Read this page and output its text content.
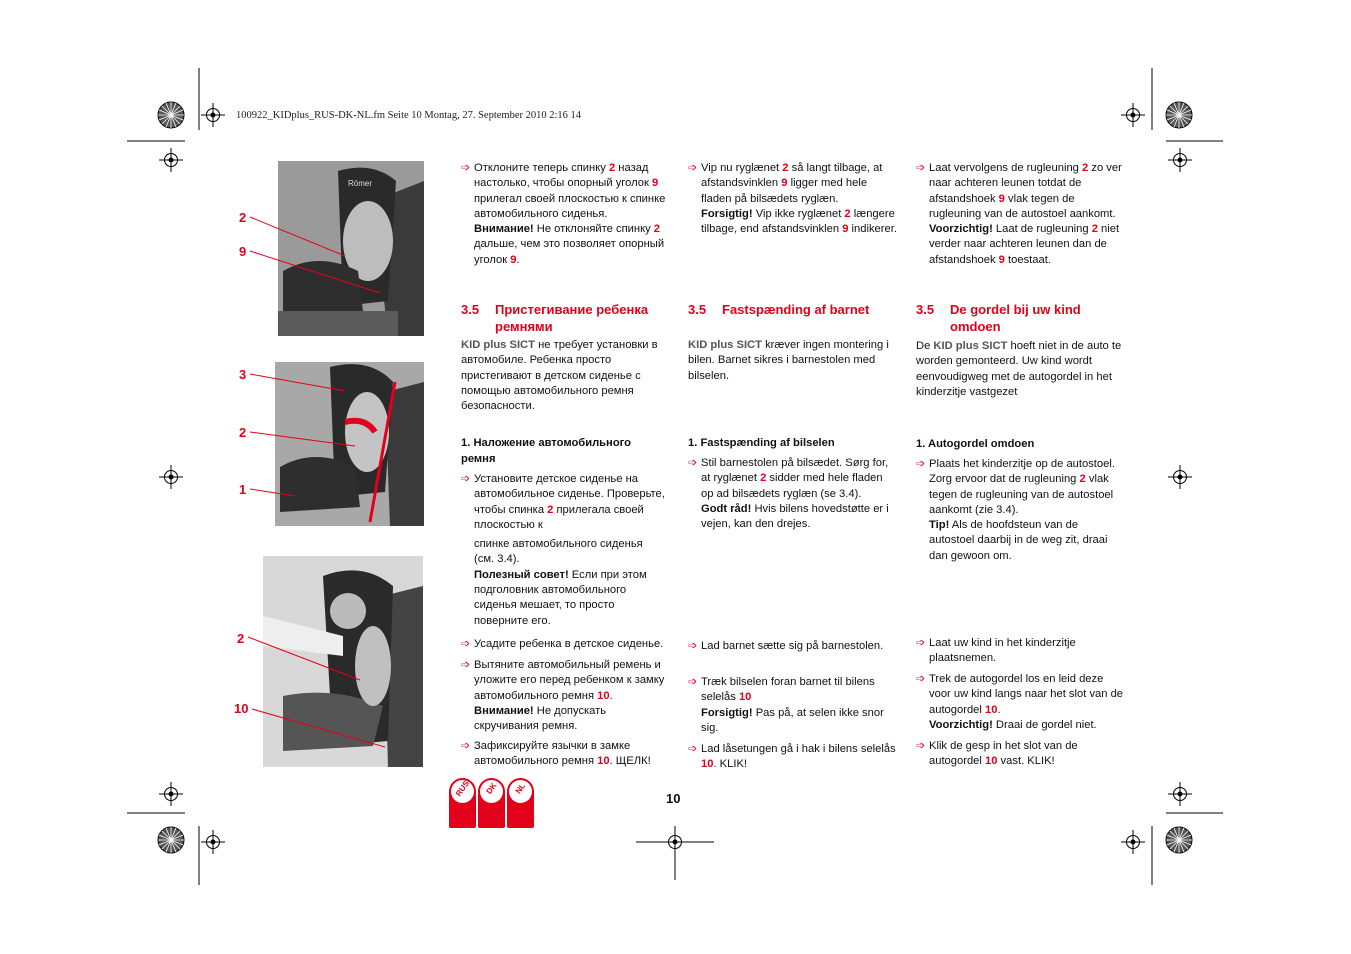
100922_KIDplus_RUS-DK-NL.fm Seite 10 Montag, 27. September 2010 2:16 14
Römer
2
9
3
2
1
2
10

➩ Отклоните теперь спинку 2 назад настолько, чтобы опорный уголок 9 прилегал своей плоскостью к спинке автомобильного сиденья.
Внимание! Не отклоняйте спинку 2 дальше, чем это позволяет опорный уголок 9.

3.5	Пристегивание ребенка ремнями

KID plus SICT не требует установки в автомобиле. Ребенка просто пристегивают в детском сиденье с помощью автомобильного ремня безопасности.

1. Наложение автомобильного ремня

➩ Установите детское сиденье на автомобильное сиденье. Проверьте, чтобы спинка 2 прилегала своей плоскостью к
спинке автомобильного сиденья
(см. 3.4).
Полезный совет! Если при этом подголовник автомобильного сиденья мешает, то просто поверните его.

➩ Усадите ребенка в детское сиденье.

➩ Вытяните автомобильный ремень и уложите его перед ребенком к замку автомобильного ремня 10.
Внимание! Не допускать скручивания ремня.

➩ Зафиксируйте язычки в замке автомобильного ремня 10. ЩЕЛК!

➩ Vip nu ryglænet 2 så langt tilbage, at afstandsvinklen 9 ligger med hele fladen på bilsædets ryglæn.
Forsigtig! Vip ikke ryglænet 2 længere tilbage, end afstandsvinklen 9 indikerer.

3.5	Fastspænding af barnet

KID plus SICT kræver ingen montering i bilen. Barnet sikres i barnestolen med bilselen.

1. Fastspænding af bilselen

➩ Stil barnestolen på bilsædet. Sørg for, at ryglænet 2 sidder med hele fladen op ad bilsædets ryglæn (se 3.4).
Godt råd! Hvis bilens hovedstøtte er i vejen, kan den drejes.

➩ Lad barnet sætte sig på barnestolen.

➩ Træk bilselen foran barnet til bilens selelås 10
Forsigtig! Pas på, at selen ikke snor sig.

➩ Lad låsetungen gå i hak i bilens selelås 10. KLIK!

➩ Laat vervolgens de rugleuning 2 zo ver naar achteren leunen totdat de afstandshoek 9 vlak tegen de rugleuning van de autostoel aankomt.
Voorzichtig! Laat de rugleuning 2 niet verder naar achteren leunen dan de afstandshoek 9 toestaat.

3.5	De gordel bij uw kind omdoen

De KID plus SICT hoeft niet in de auto te worden gemonteerd. Uw kind wordt eenvoudigweg met de autogordel in het kinderzitje vastgezet

1. Autogordel omdoen

➩ Plaats het kinderzitje op de autostoel. Zorg ervoor dat de rugleuning 2 vlak tegen de rugleuning van de autostoel aankomt (zie 3.4).
Tip! Als de hoofdsteun van de autostoel daarbij in de weg zit, draai dan gewoon om.

➩ Laat uw kind in het kinderzitje plaatsnemen.

➩ Trek de autogordel los en leid deze voor uw kind langs naar het slot van de autogordel 10.
Voorzichtig! Draai de gordel niet.

➩ Klik de gesp in het slot van de autogordel 10 vast. KLIK!

RUS	DK	NL
10
